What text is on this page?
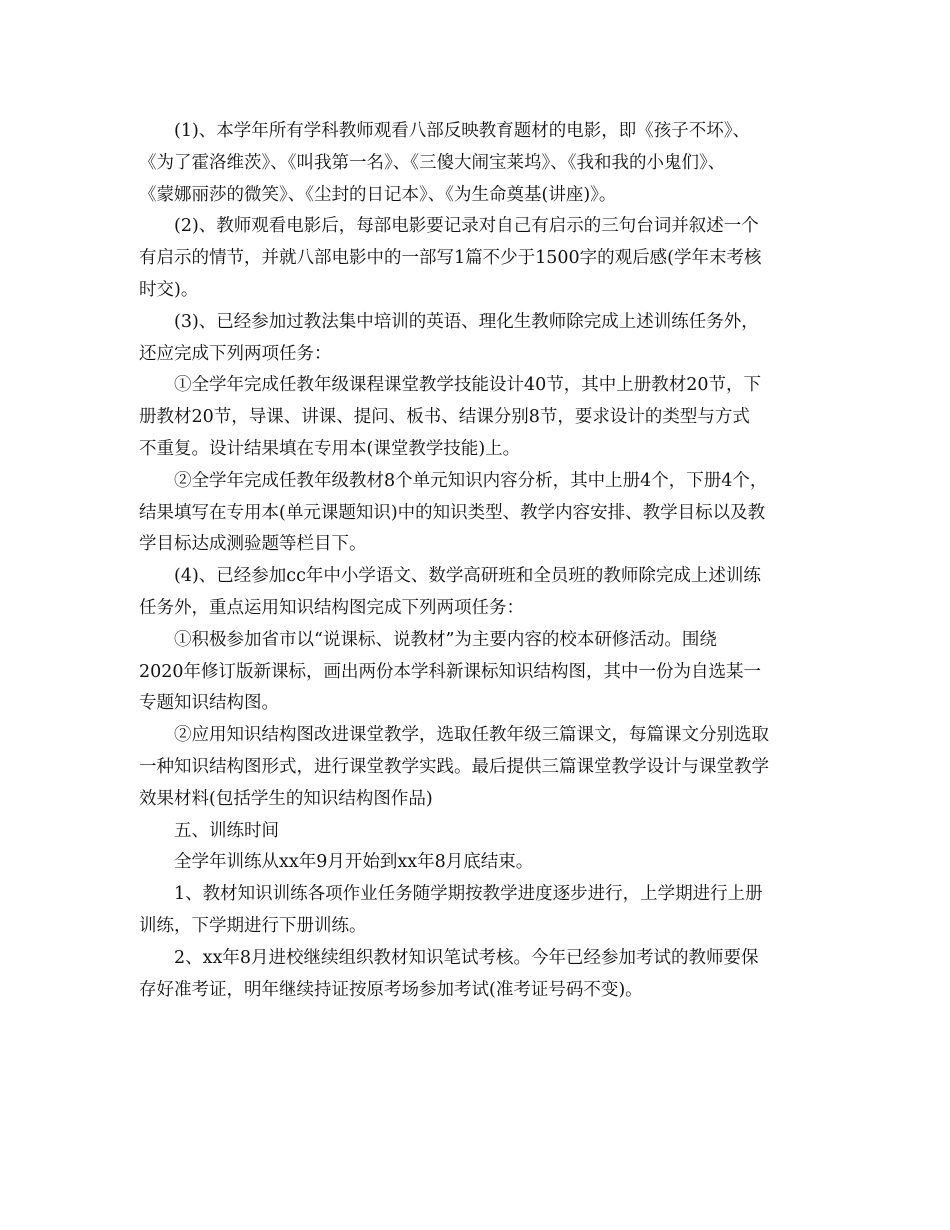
(1)、本学年所有学科教师观看八部反映教育题材的电影，即《孩子不坏》、
《为了霍洛维茨》、《叫我第一名》、《三傻大闹宝莱坞》、《我和我的小鬼们》、
《蒙娜丽莎的微笑》、《尘封的日记本》、《为生命奠基(讲座)》。
(2)、教师观看电影后，每部电影要记录对自己有启示的三句台词并叙述一个
有启示的情节，并就八部电影中的一部写1篇不少于1500字的观后感(学年末考核
时交)。
(3)、已经参加过教法集中培训的英语、理化生教师除完成上述训练任务外，
还应完成下列两项任务：
①全学年完成任教年级课程课堂教学技能设计40节，其中上册教材20节，下
册教材20节，导课、讲课、提问、板书、结课分别8节，要求设计的类型与方式
不重复。设计结果填在专用本(课堂教学技能)上。
②全学年完成任教年级教材8个单元知识内容分析，其中上册4个，下册4个，
结果填写在专用本(单元课题知识)中的知识类型、教学内容安排、教学目标以及教
学目标达成测验题等栏目下。
(4)、已经参加cc年中小学语文、数学高研班和全员班的教师除完成上述训练
任务外，重点运用知识结构图完成下列两项任务：
①积极参加省市以“说课标、说教材”为主要内容的校本研修活动。围绕
2020年修订版新课标，画出两份本学科新课标知识结构图，其中一份为自选某一
专题知识结构图。
②应用知识结构图改进课堂教学，选取任教年级三篇课文，每篇课文分别选取
一种知识结构图形式，进行课堂教学实践。最后提供三篇课堂教学设计与课堂教学
效果材料(包括学生的知识结构图作品)
五、训练时间
全学年训练从xx年9月开始到xx年8月底结束。
1、教材知识训练各项作业任务随学期按教学进度逐步进行，上学期进行上册
训练，下学期进行下册训练。
2、xx年8月进校继续组织教材知识笔试考核。今年已经参加考试的教师要保
存好准考证，明年继续持证按原考场参加考试(准考证号码不变)。
